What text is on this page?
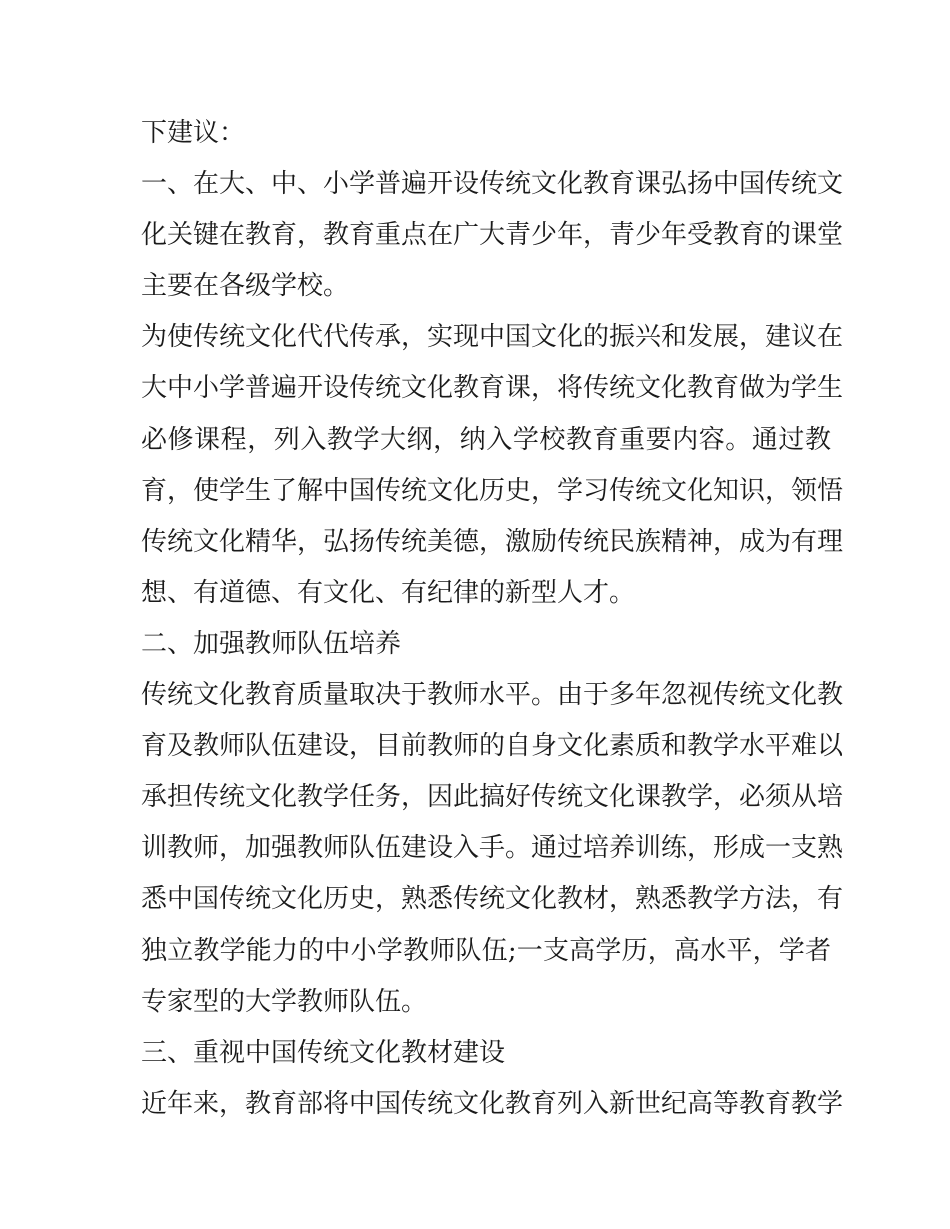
下建议：
一、在大、中、小学普遍开设传统文化教育课弘扬中国传统文
化关键在教育，教育重点在广大青少年，青少年受教育的课堂
主要在各级学校。
为使传统文化代代传承，实现中国文化的振兴和发展，建议在
大中小学普遍开设传统文化教育课，将传统文化教育做为学生
必修课程，列入教学大纲，纳入学校教育重要内容。通过教
育，使学生了解中国传统文化历史，学习传统文化知识，领悟
传统文化精华，弘扬传统美德，激励传统民族精神，成为有理
想、有道德、有文化、有纪律的新型人才。
二、加强教师队伍培养
传统文化教育质量取决于教师水平。由于多年忽视传统文化教
育及教师队伍建设，目前教师的自身文化素质和教学水平难以
承担传统文化教学任务，因此搞好传统文化课教学，必须从培
训教师，加强教师队伍建设入手。通过培养训练，形成一支熟
悉中国传统文化历史，熟悉传统文化教材，熟悉教学方法，有
独立教学能力的中小学教师队伍;一支高学历，高水平，学者
专家型的大学教师队伍。
三、重视中国传统文化教材建设
近年来，教育部将中国传统文化教育列入新世纪高等教育教学
